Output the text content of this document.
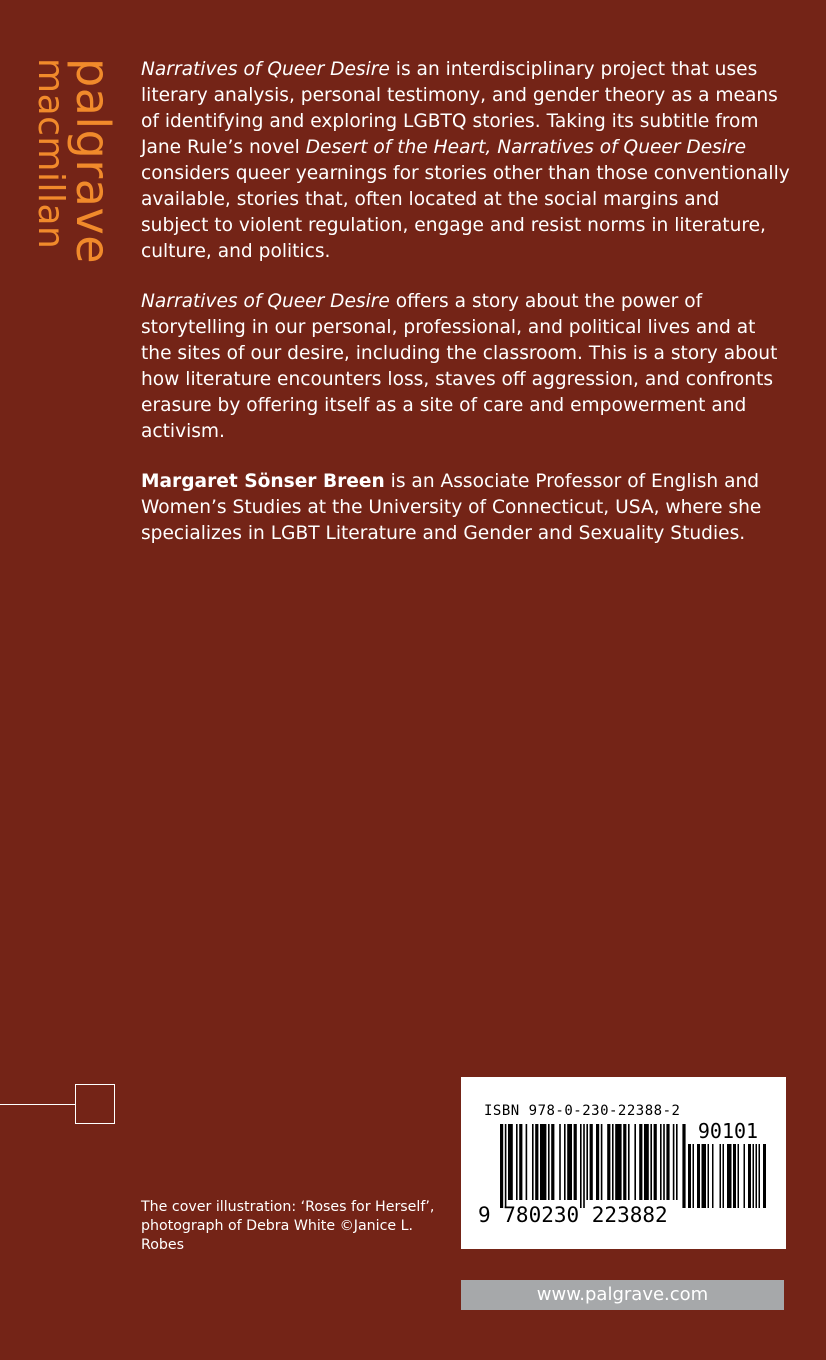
palgrave
macmillan	Narratives of Queer Desire is an interdisciplinary project that uses literary analysis, personal testimony, and gender theory as a means of identifying and exploring LGBTQ stories. Taking its subtitle from Jane Rule’s novel Desert of the Heart, Narratives of Queer Desire considers queer yearnings for stories other than those conventionally available, stories that, often located at the social margins and subject to violent regulation, engage and resist norms in literature, culture, and politics.

Narratives of Queer Desire offers a story about the power of storytelling in our personal, professional, and political lives and at the sites of our desire, including the classroom. This is a story about how literature encounters loss, staves off aggression, and confronts erasure by offering itself as a site of care and empowerment and activism.

Margaret Sönser Breen is an Associate Professor of English and Women’s Studies at the University of Connecticut, USA, where she specializes in LGBT Literature and Gender and Sexuality Studies.

The cover illustration: ‘Roses for Herself’, photograph of Debra White ©Janice L. Robes
ISBN 978-0-230-22388-2
90101
9 780230 223882
www.palgrave.com
